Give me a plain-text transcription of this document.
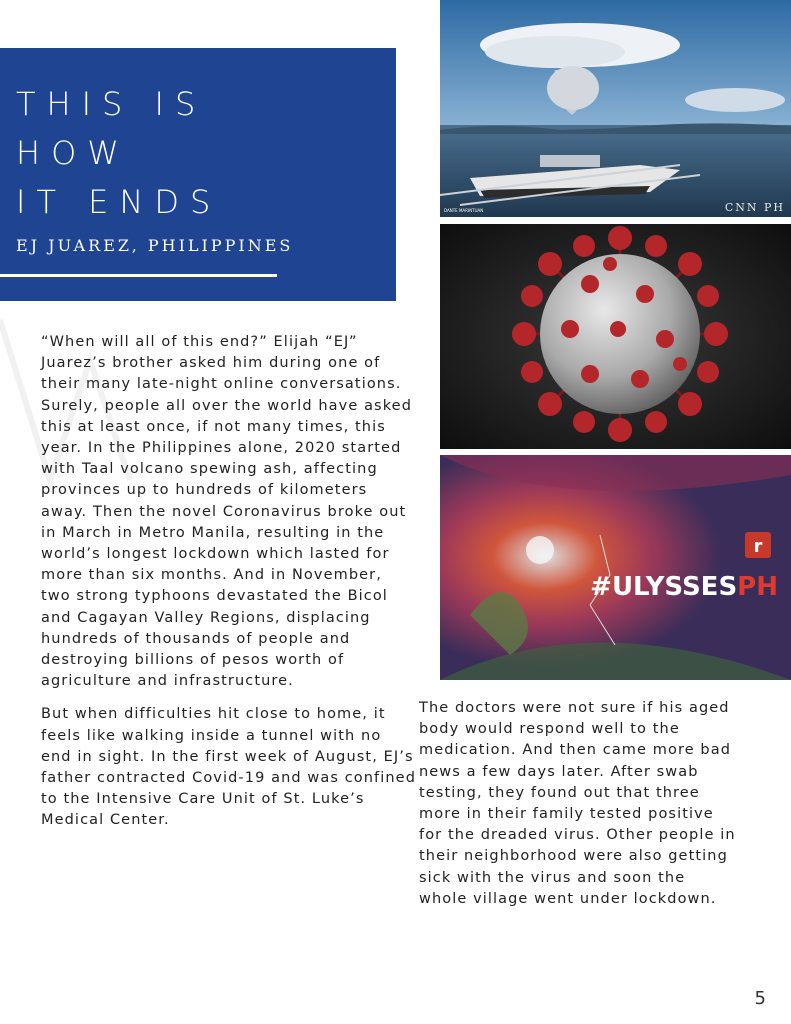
THIS IS
HOW
IT ENDS
EJ JUAREZ, PHILIPPINES
DANTE MARINTUAN	CNN PH
r
#ULYSSESPH

“When will all of this end?” Elijah “EJ” Juarez’s brother asked him during one of their many late-night online conversations. Surely, people all over the world have asked this at least once, if not many times, this year. In the Philippines alone, 2020 started with Taal volcano spewing ash, affecting provinces up to hundreds of kilometers away. Then the novel Coronavirus broke out in March in Metro Manila, resulting in the world’s longest lockdown which lasted for more than six months. And in November, two strong typhoons devastated the Bicol and Cagayan Valley Regions, displacing hundreds of thousands of people and destroying billions of pesos worth of agriculture and infrastructure.

But when difficulties hit close to home, it feels like walking inside a tunnel with no end in sight. In the first week of August, EJ’s father contracted Covid-19 and was confined to the Intensive Care Unit of St. Luke’s Medical Center.

The doctors were not sure if his aged body would respond well to the medication. And then came more bad news a few days later. After swab testing, they found out that three more in their family tested positive for the dreaded virus. Other people in their neighborhood were also getting sick with the virus and soon the whole village went under lockdown.

5
